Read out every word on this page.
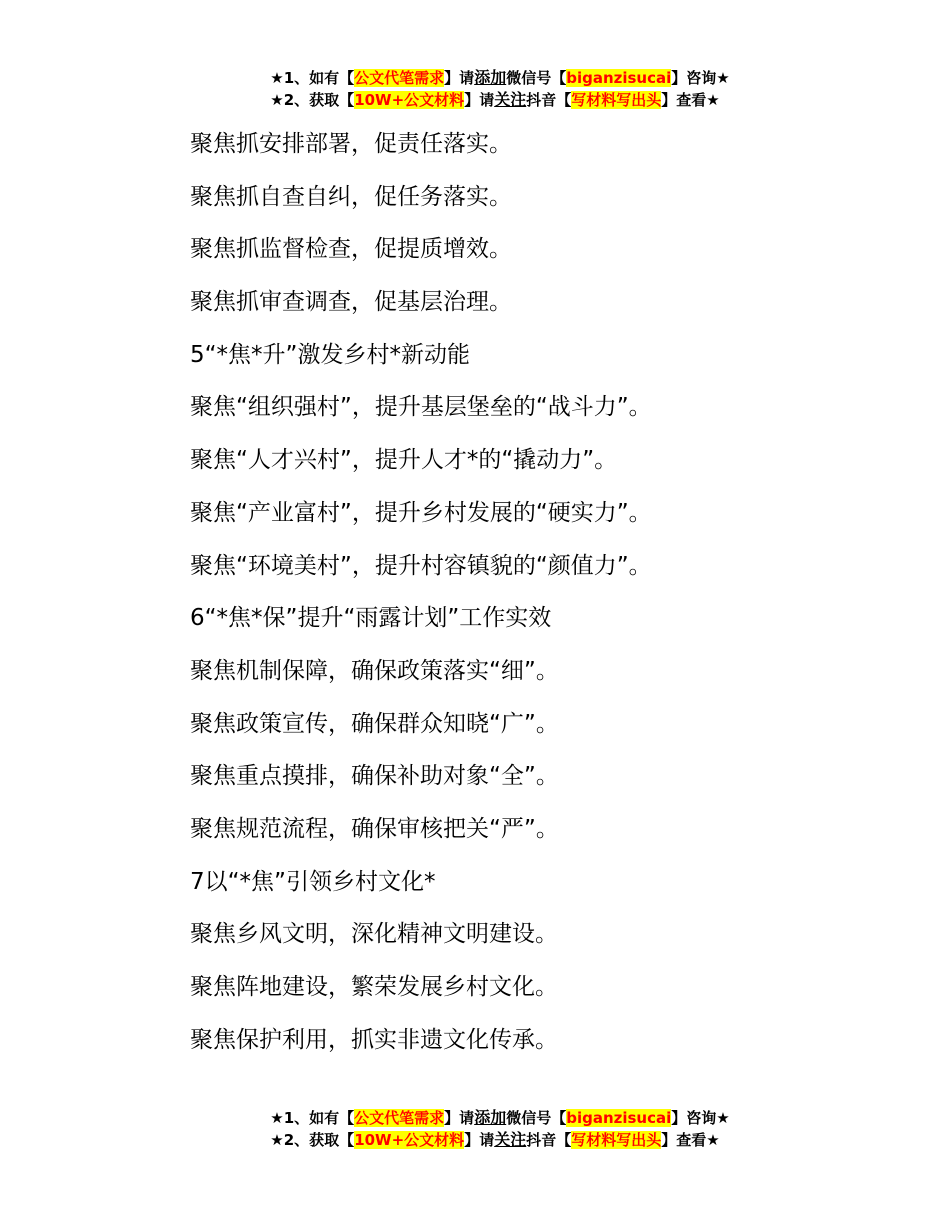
★1、如有【公文代笔需求】请添加微信号【biganzisucai】咨询★
★2、获取【10W+公文材料】请关注抖音【写材料写出头】查看★
聚焦抓安排部署，促责任落实。
聚焦抓自查自纠，促任务落实。
聚焦抓监督检查，促提质增效。
聚焦抓审查调查，促基层治理。
5“*焦*升”激发乡村*新动能
聚焦“组织强村”，提升基层堡垒的“战斗力”。
聚焦“人才兴村”，提升人才*的“撬动力”。
聚焦“产业富村”，提升乡村发展的“硬实力”。
聚焦“环境美村”，提升村容镇貌的“颜值力”。
6“*焦*保”提升“雨露计划”工作实效
聚焦机制保障，确保政策落实“细”。
聚焦政策宣传，确保群众知晓“广”。
聚焦重点摸排，确保补助对象“全”。
聚焦规范流程，确保审核把关“严”。
7以“*焦”引领乡村文化*
聚焦乡风文明，深化精神文明建设。
聚焦阵地建设，繁荣发展乡村文化。
聚焦保护利用，抓实非遗文化传承。
★1、如有【公文代笔需求】请添加微信号【biganzisucai】咨询★
★2、获取【10W+公文材料】请关注抖音【写材料写出头】查看★
